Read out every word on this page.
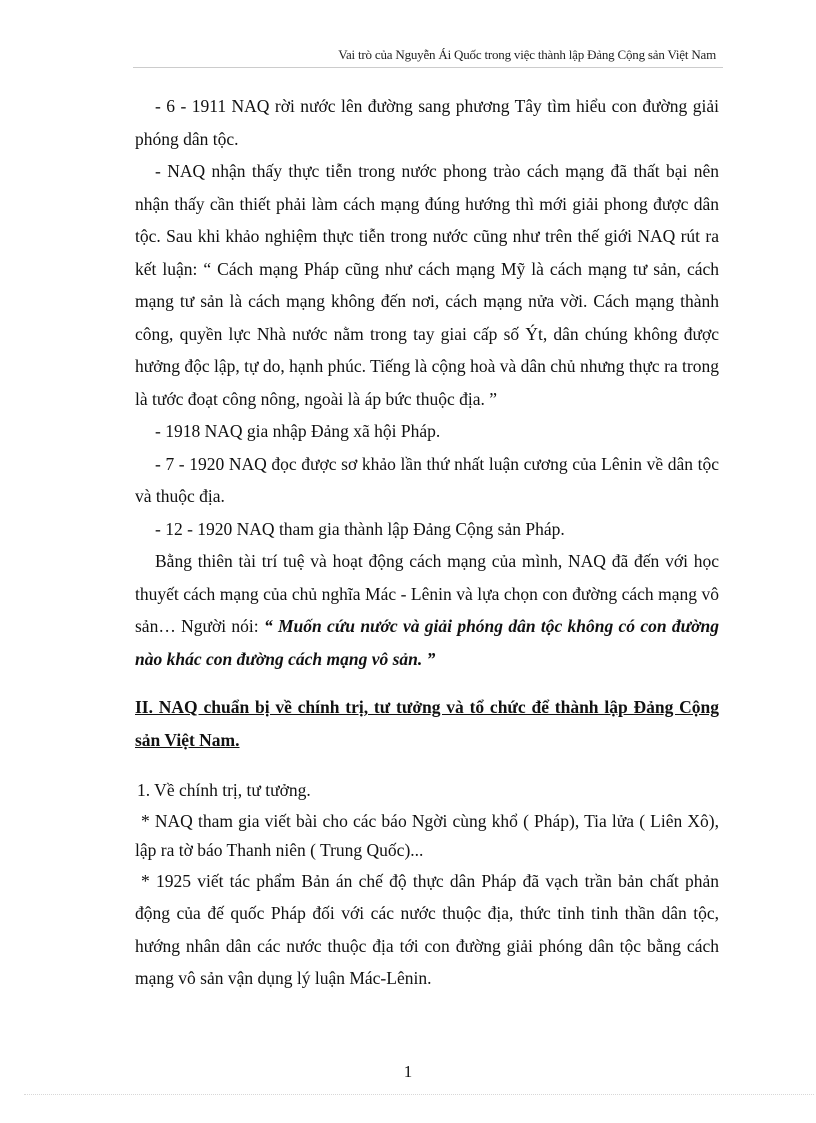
Vai trò của Nguyễn Ái Quốc trong việc thành lập Đảng Cộng sản Việt Nam

- 6 - 1911 NAQ rời nước lên đường sang phương Tây tìm hiểu con đường giải phóng dân tộc.

- NAQ nhận thấy thực tiễn trong nước phong trào cách mạng đã thất bại nên nhận thấy cần thiết phải làm cách mạng đúng hướng thì mới giải phong được dân tộc. Sau khi khảo nghiệm thực tiễn trong nước cũng như trên thế giới NAQ rút ra kết luận: “ Cách mạng Pháp cũng như cách mạng Mỹ là cách mạng tư sản, cách mạng tư sản là cách mạng không đến nơi, cách mạng nửa vời. Cách mạng thành công, quyền lực Nhà nước nằm trong tay giai cấp số Ýt, dân chúng không được hưởng độc lập, tự do, hạnh phúc. Tiếng là cộng hoà và dân chủ nhưng thực ra trong là tước đoạt công nông, ngoài là áp bức thuộc địa. ”

- 1918 NAQ gia nhập Đảng xã hội Pháp.

- 7 - 1920 NAQ đọc được sơ khảo lần thứ nhất luận cương của Lênin về dân tộc và thuộc địa.

- 12 - 1920 NAQ tham gia thành lập Đảng Cộng sản Pháp.

Bằng thiên tài trí tuệ và hoạt động cách mạng của mình, NAQ đã đến với học thuyết cách mạng của chủ nghĩa Mác - Lênin và lựa chọn con đường cách mạng vô sản… Người nói: “ Muốn cứu nước và giải phóng dân tộc không có con đường nào khác con đường cách mạng vô sản. ”

II. NAQ chuẩn bị về chính trị, tư tưởng và tổ chức để thành lập Đảng Cộng sản Việt Nam.

1. Về chính trị, tư tưởng.

* NAQ tham gia viết bài cho các báo Ngời cùng khổ ( Pháp), Tia lửa ( Liên Xô), lập ra tờ báo Thanh niên ( Trung Quốc)...

* 1925 viết tác phẩm Bản án chế độ thực dân Pháp đã vạch trần bản chất phản động của đế quốc Pháp đối với các nước thuộc địa, thức tỉnh tinh thần dân tộc, hướng nhân dân các nước thuộc địa tới con đường giải phóng dân tộc bằng cách mạng vô sản vận dụng lý luận Mác-Lênin.

1
